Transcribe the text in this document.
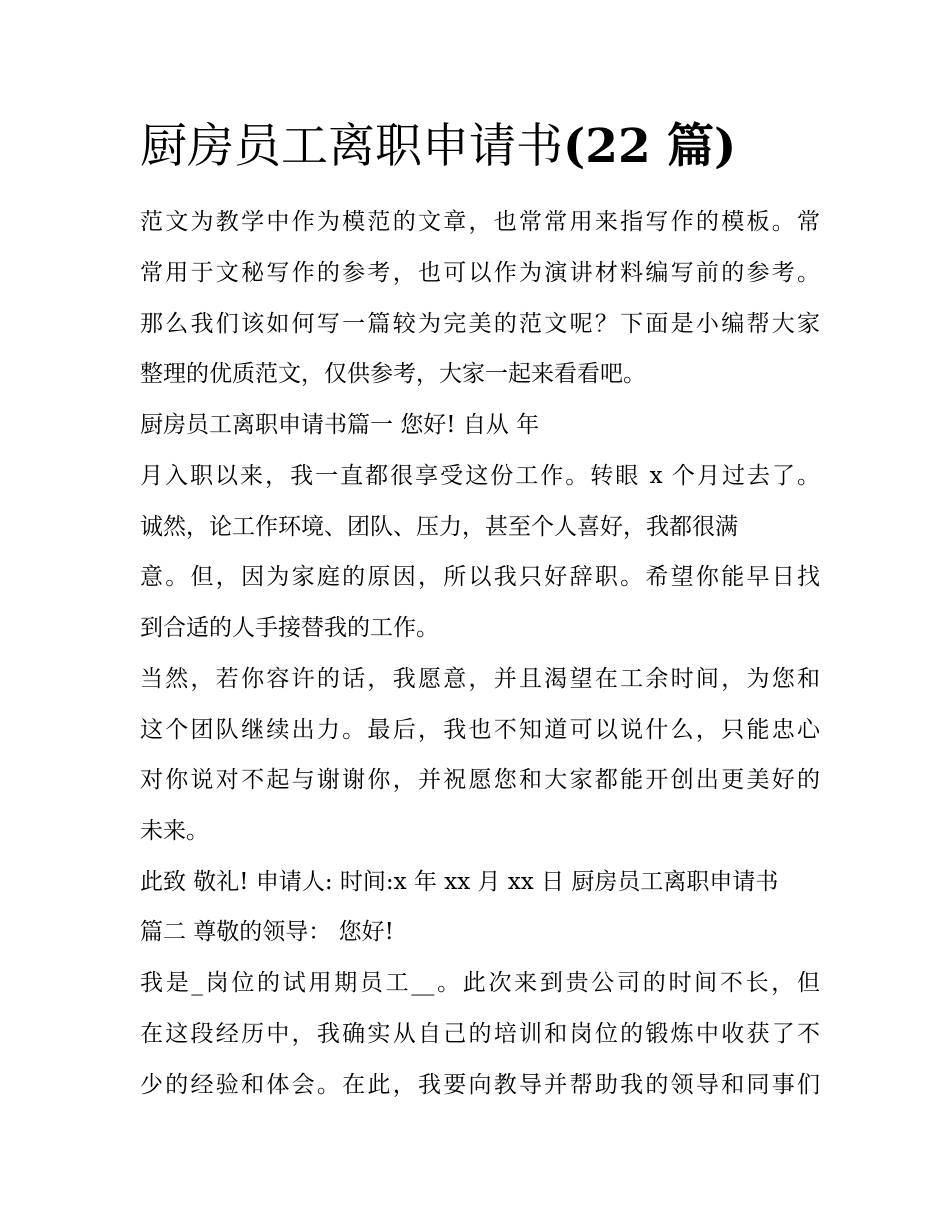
厨房员工离职申请书(22 篇)

范文为教学中作为模范的文章，也常常用来指写作的模板。常

常用于文秘写作的参考，也可以作为演讲材料编写前的参考。

那么我们该如何写一篇较为完美的范文呢？下面是小编帮大家

整理的优质范文，仅供参考，大家一起来看看吧。

厨房员工离职申请书篇一 您好! 自从 年

月入职以来，我一直都很享受这份工作。转眼 x 个月过去了。

诚然，论工作环境、团队、压力，甚至个人喜好，我都很满

意。但，因为家庭的原因，所以我只好辞职。希望你能早日找

到合适的人手接替我的工作。

当然，若你容许的话，我愿意，并且渴望在工余时间，为您和

这个团队继续出力。最后，我也不知道可以说什么，只能忠心

对你说对不起与谢谢你，并祝愿您和大家都能开创出更美好的

未来。

此致 敬礼! 申请人: 时间:x 年 xx 月 xx 日 厨房员工离职申请书

篇二 尊敬的领导： 您好!

我是_岗位的试用期员工__。此次来到贵公司的时间不长，但

在这段经历中，我确实从自己的培训和岗位的锻炼中收获了不

少的经验和体会。在此，我要向教导并帮助我的领导和同事们
